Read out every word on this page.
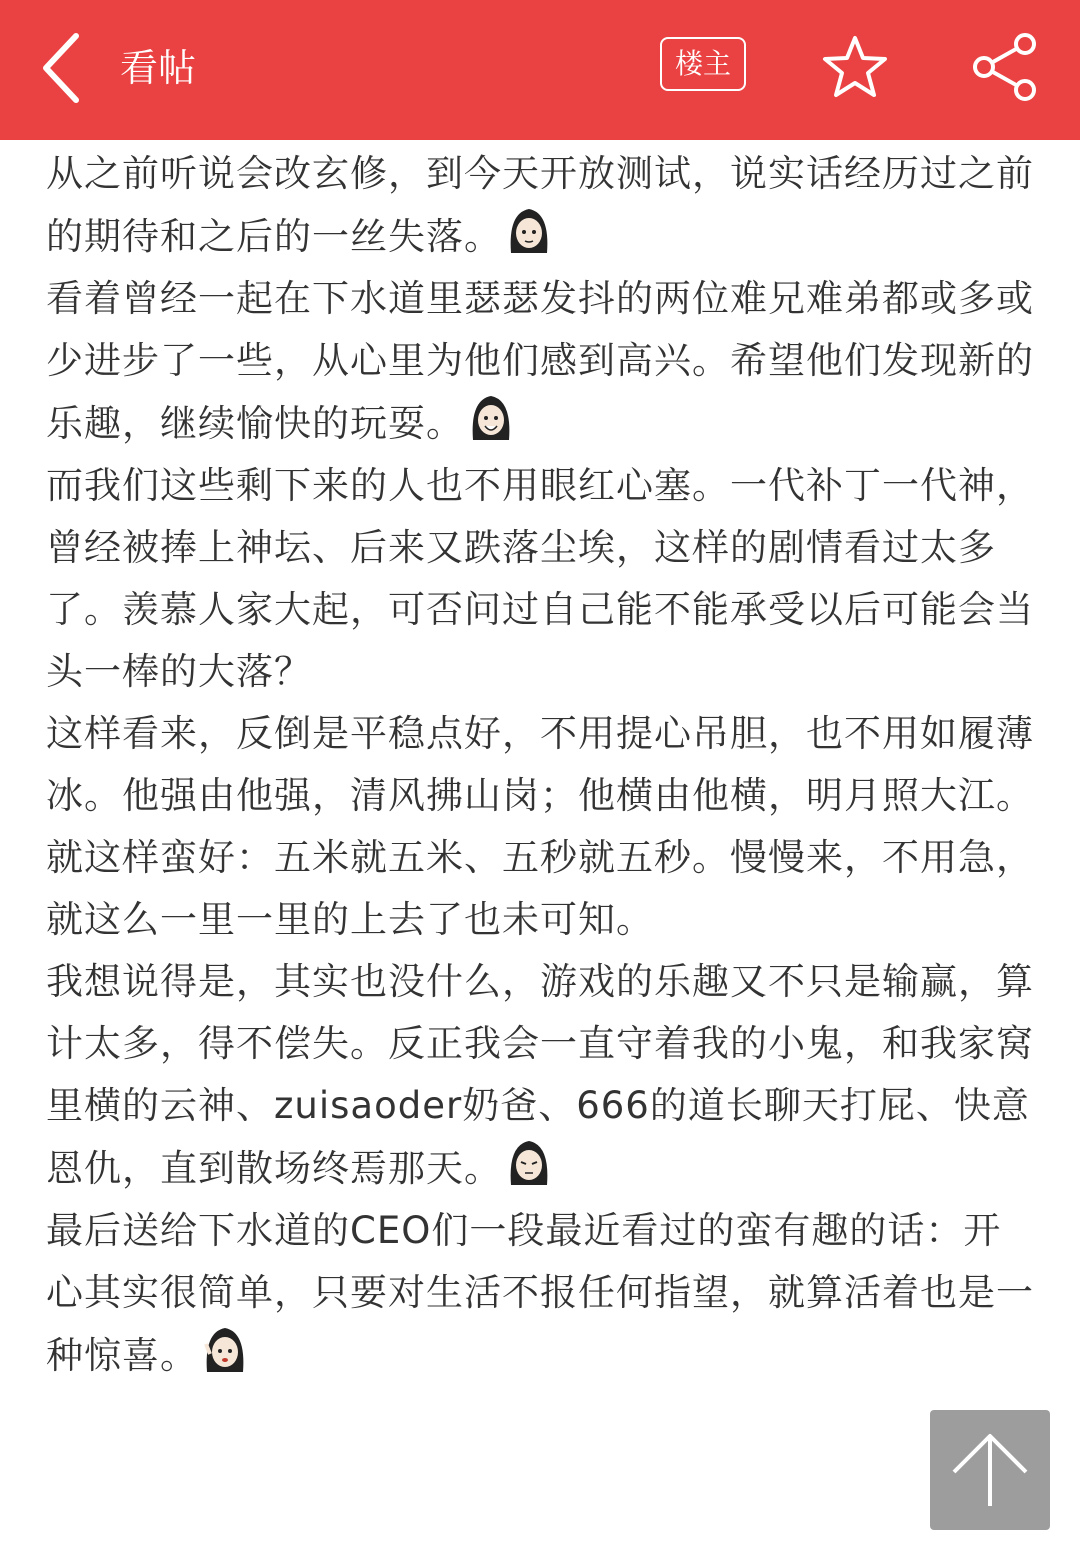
看帖	楼主

从之前听说会改玄修，到今天开放测试，说实话经历过之前的期待和之后的一丝失落。

看着曾经一起在下水道里瑟瑟发抖的两位难兄难弟都或多或少进步了一些，从心里为他们感到高兴。希望他们发现新的乐趣，继续愉快的玩耍。

而我们这些剩下来的人也不用眼红心塞。一代补丁一代神，曾经被捧上神坛、后来又跌落尘埃，这样的剧情看过太多了。羡慕人家大起，可否问过自己能不能承受以后可能会当头一棒的大落？

这样看来，反倒是平稳点好，不用提心吊胆，也不用如履薄冰。他强由他强，清风拂山岗；他横由他横，明月照大江。

就这样蛮好：五米就五米、五秒就五秒。慢慢来，不用急，就这么一里一里的上去了也未可知。

我想说得是，其实也没什么，游戏的乐趣又不只是输赢，算计太多，得不偿失。反正我会一直守着我的小鬼，和我家窝里横的云神、zuisaoder奶爸、666的道长聊天打屁、快意恩仇，直到散场终焉那天。

最后送给下水道的CEO们一段最近看过的蛮有趣的话：开心其实很简单，只要对生活不报任何指望，就算活着也是一种惊喜。
